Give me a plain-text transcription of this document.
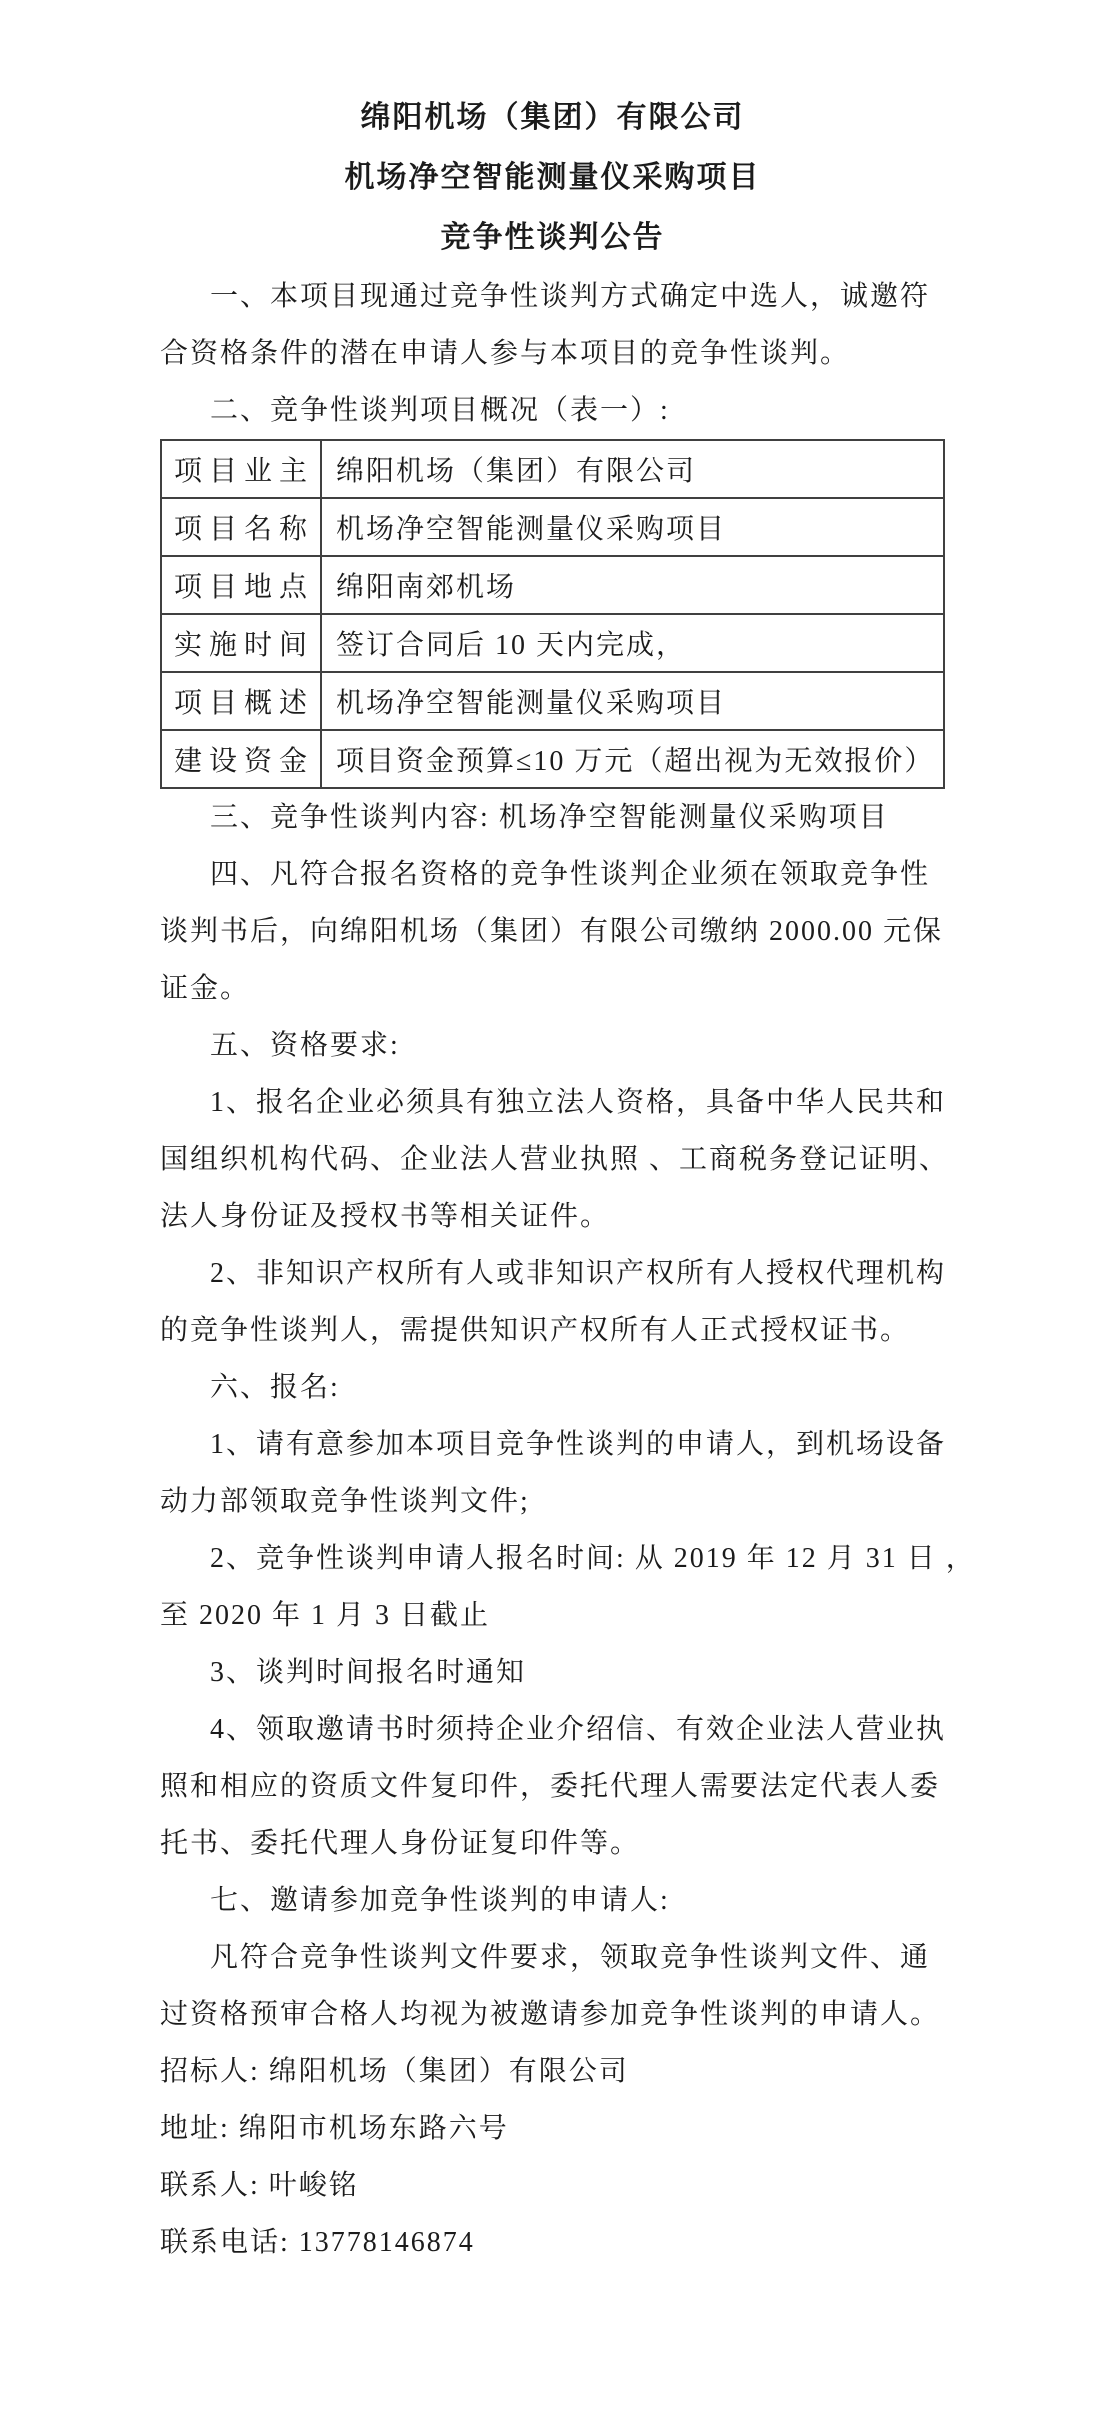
绵阳机场（集团）有限公司
机场净空智能测量仪采购项目
竞争性谈判公告
一、本项目现通过竞争性谈判方式确定中选人，诚邀符
合资格条件的潜在申请人参与本项目的竞争性谈判。
二、竞争性谈判项目概况（表一）:
项目业主	绵阳机场（集团）有限公司
项目名称	机场净空智能测量仪采购项目
项目地点	绵阳南郊机场
实施时间	签订合同后 10 天内完成，
项目概述	机场净空智能测量仪采购项目
建设资金	项目资金预算≤10 万元（超出视为无效报价）
三、竞争性谈判内容: 机场净空智能测量仪采购项目
四、凡符合报名资格的竞争性谈判企业须在领取竞争性
谈判书后，向绵阳机场（集团）有限公司缴纳 2000.00 元保
证金。
五、资格要求:
1、报名企业必须具有独立法人资格，具备中华人民共和
国组织机构代码、企业法人营业执照 、工商税务登记证明、
法人身份证及授权书等相关证件。
2、非知识产权所有人或非知识产权所有人授权代理机构
的竞争性谈判人，需提供知识产权所有人正式授权证书。
六、报名:
1、请有意参加本项目竞争性谈判的申请人，到机场设备
动力部领取竞争性谈判文件;
2、竞争性谈判申请人报名时间: 从 2019 年 12 月 31 日 ，
至 2020 年 1 月 3 日截止
3、谈判时间报名时通知
4、领取邀请书时须持企业介绍信、有效企业法人营业执
照和相应的资质文件复印件，委托代理人需要法定代表人委
托书、委托代理人身份证复印件等。
七、邀请参加竞争性谈判的申请人:
凡符合竞争性谈判文件要求，领取竞争性谈判文件、通
过资格预审合格人均视为被邀请参加竞争性谈判的申请人。
招标人: 绵阳机场（集团）有限公司
地址: 绵阳市机场东路六号
联系人: 叶峻铭
联系电话: 13778146874
